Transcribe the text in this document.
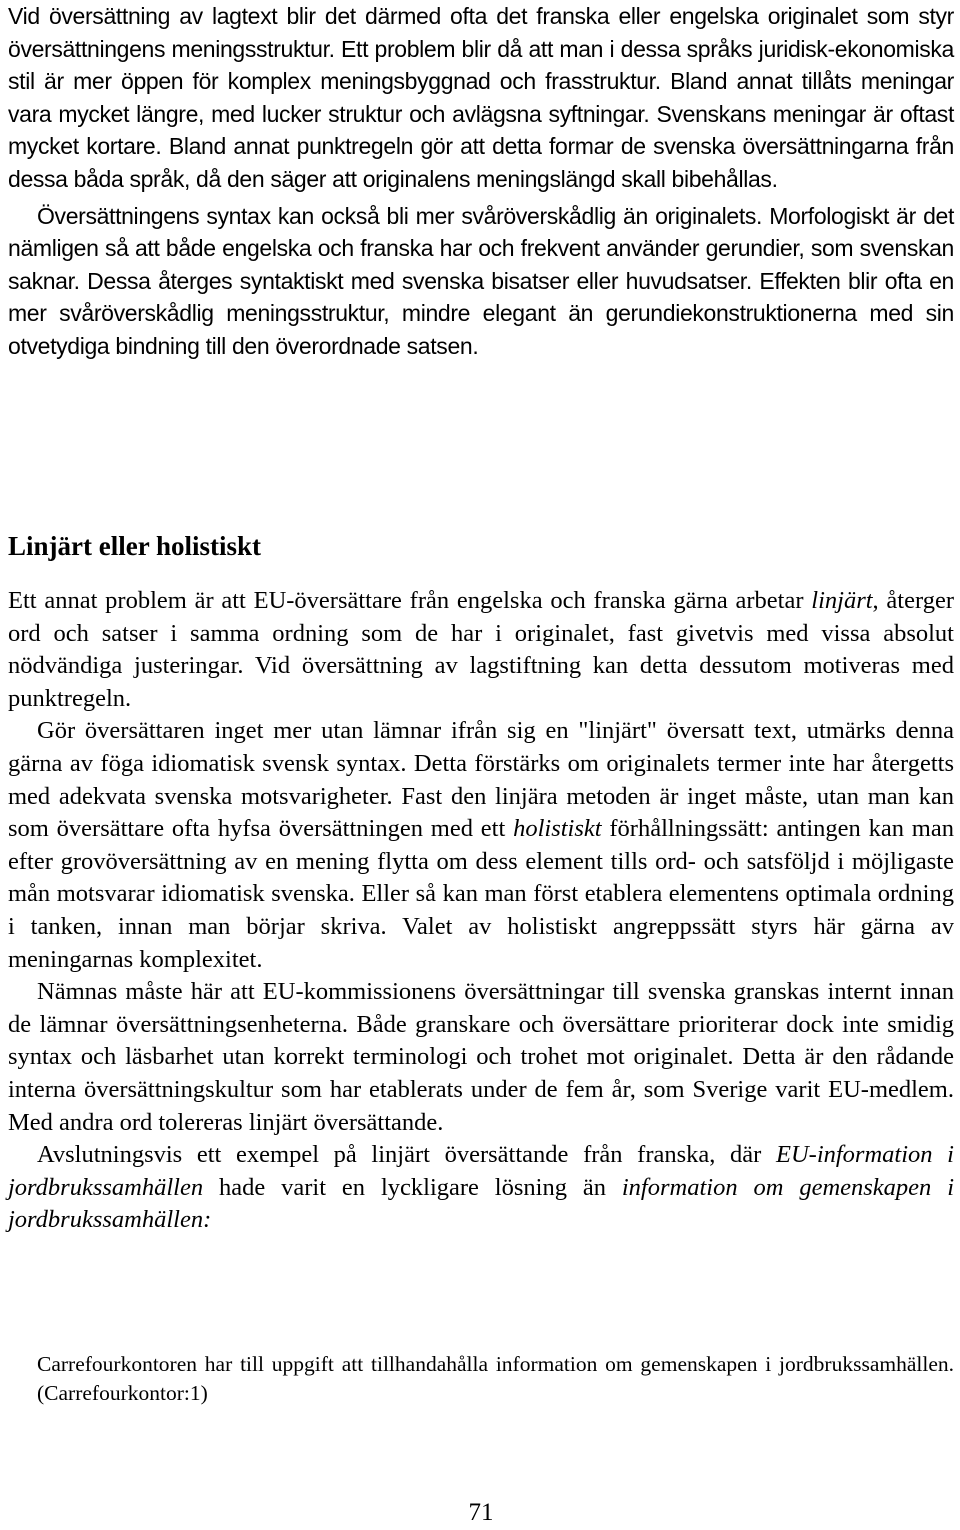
Vid översättning av lagtext blir det därmed ofta det franska eller engelska originalet som styr översättningens meningsstruktur. Ett problem blir då att man i dessa språks juridisk-ekonomiska stil är mer öppen för komplex meningsbyggnad och frasstruktur. Bland annat tillåts meningar vara mycket längre, med lucker struktur och avlägsna syftningar. Svenskans meningar är oftast mycket kortare. Bland annat punktregeln gör att detta formar de svenska översättningarna från dessa båda språk, då den säger att originalens meningslängd skall bibehållas.

Översättningens syntax kan också bli mer svåröverskådlig än originalets. Morfologiskt är det nämligen så att både engelska och franska har och frekvent använder gerundier, som svenskan saknar. Dessa återges syntaktiskt med svenska bisatser eller huvudsatser. Effekten blir ofta en mer svåröverskådlig meningsstruktur, mindre elegant än gerundiekonstruktionerna med sin otvetydiga bindning till den överordnade satsen.

Linjärt eller holistiskt

Ett annat problem är att EU-översättare från engelska och franska gärna arbetar linjärt, återger ord och satser i samma ordning som de har i originalet, fast givetvis med vissa absolut nödvändiga justeringar. Vid översättning av lagstiftning kan detta dessutom motiveras med punktregeln.

Gör översättaren inget mer utan lämnar ifrån sig en "linjärt" översatt text, utmärks denna gärna av föga idiomatisk svensk syntax. Detta förstärks om originalets termer inte har återgetts med adekvata svenska motsvarigheter. Fast den linjära metoden är inget måste, utan man kan som översättare ofta hyfsa översättningen med ett holistiskt förhållningssätt: antingen kan man efter grovöversättning av en mening flytta om dess element tills ord- och satsföljd i möjligaste mån motsvarar idiomatisk svenska. Eller så kan man först etablera elementens optimala ordning i tanken, innan man börjar skriva. Valet av holistiskt angreppssätt styrs här gärna av meningarnas komplexitet.

Nämnas måste här att EU-kommissionens översättningar till svenska granskas internt innan de lämnar översättningsenheterna. Både granskare och översättare prioriterar dock inte smidig syntax och läsbarhet utan korrekt terminologi och trohet mot originalet. Detta är den rådande interna översättningskultur som har etablerats under de fem år, som Sverige varit EU-medlem. Med andra ord tolereras linjärt översättande.

Avslutningsvis ett exempel på linjärt översättande från franska, där EU-information i jordbrukssamhällen hade varit en lyckligare lösning än information om gemenskapen i jordbrukssamhällen:

Carrefourkontoren har till uppgift att tillhandahålla information om gemenskapen i jordbrukssamhällen. (Carrefourkontor:1)

71
